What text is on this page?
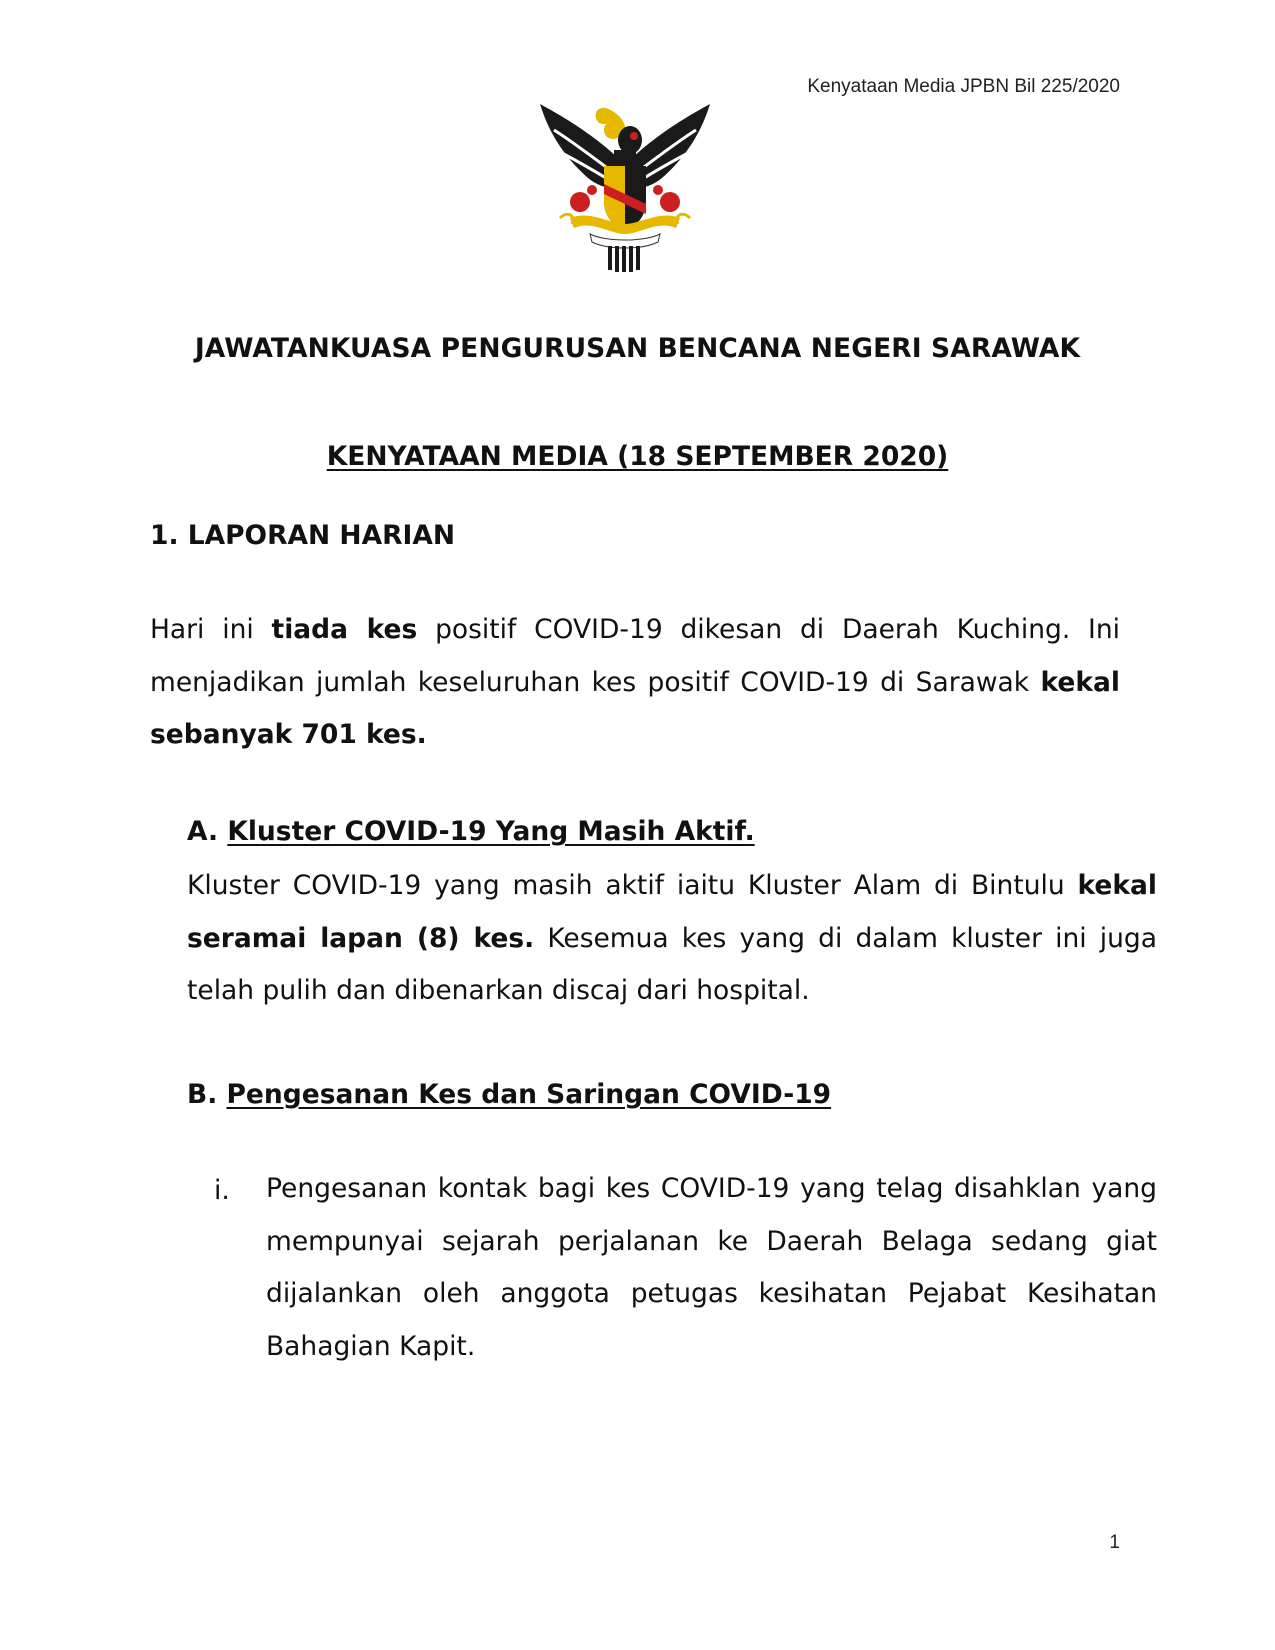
Kenyataan Media JPBN Bil 225/2020
JAWATANKUASA PENGURUSAN BENCANA NEGERI SARAWAK
KENYATAAN MEDIA (18 SEPTEMBER 2020)
1. LAPORAN HARIAN

Hari ini tiada kes positif COVID-19 dikesan di Daerah Kuching. Ini menjadikan jumlah keseluruhan kes positif COVID-19 di Sarawak kekal sebanyak 701 kes.

A. Kluster COVID-19 Yang Masih Aktif.

Kluster COVID-19 yang masih aktif iaitu Kluster Alam di Bintulu kekal seramai lapan (8) kes. Kesemua kes yang di dalam kluster ini juga telah pulih dan dibenarkan discaj dari hospital.

B. Pengesanan Kes dan Saringan COVID-19
i. Pengesanan kontak bagi kes COVID-19 yang telag disahklan yang mempunyai sejarah perjalanan ke Daerah Belaga sedang giat dijalankan oleh anggota petugas kesihatan Pejabat Kesihatan Bahagian Kapit.

1
